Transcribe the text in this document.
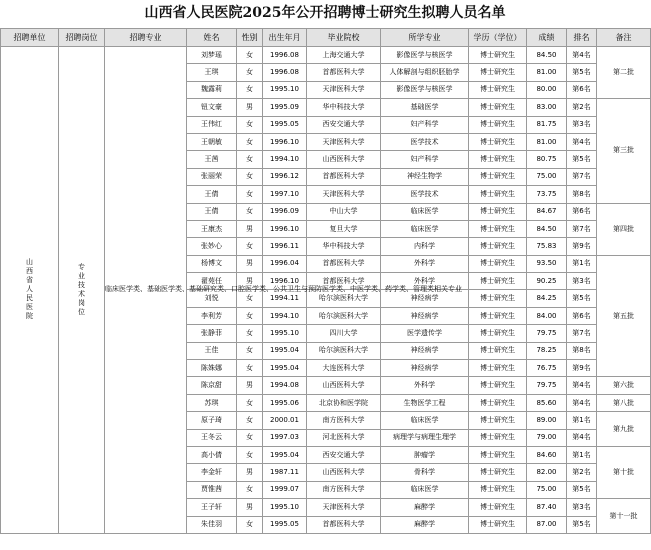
山西省人民医院2025年公开招聘博士研究生拟聘人员名单
招聘单位	招聘岗位	招聘专业	姓名	性别	出生年月	毕业院校	所学专业	学历（学位）	成绩	排名	备注
山西省人民医院	专业技术岗位	临床医学类、基础医学类、基础研究类、口腔医学类、公共卫生与预防医学类、中医学类、药学类、管理类相关专业	刘梦瑶	女	1996.08	上海交通大学	影像医学与核医学	博士研究生	84.50	第4名	第二批
			王琪	女	1996.08	首都医科大学	人体解剖与组织胚胎学	博士研究生	81.00	第5名	
			魏露莉	女	1995.10	天津医科大学	影像医学与核医学	博士研究生	80.00	第6名	
			钮文豪	男	1995.09	华中科技大学	基础医学	博士研究生	83.00	第2名	第三批
			王伟红	女	1995.05	西安交通大学	妇产科学	博士研究生	81.75	第3名	
			王朝敏	女	1996.10	天津医科大学	医学技术	博士研究生	81.00	第4名	
			王茜	女	1994.10	山西医科大学	妇产科学	博士研究生	80.75	第5名	
			张丽荣	女	1996.12	首都医科大学	神经生物学	博士研究生	75.00	第7名	
			王倩	女	1997.10	天津医科大学	医学技术	博士研究生	73.75	第8名	
			王倩	女	1996.09	中山大学	临床医学	博士研究生	84.67	第6名	第四批
			王康杰	男	1996.10	复旦大学	临床医学	博士研究生	84.50	第7名	
			张妙心	女	1996.11	华中科技大学	内科学	博士研究生	75.83	第9名	
			杨博文	男	1996.04	首都医科大学	外科学	博士研究生	93.50	第1名	第五批
			翟苑任	男	1996.10	首都医科大学	外科学	博士研究生	90.25	第3名	
			刘悦	女	1994.11	哈尔滨医科大学	神经病学	博士研究生	84.25	第5名	
			李利芳	女	1994.10	哈尔滨医科大学	神经病学	博士研究生	84.00	第6名	
			张静菲	女	1995.10	四川大学	医学遗传学	博士研究生	79.75	第7名	
			王佳	女	1995.04	哈尔滨医科大学	神经病学	博士研究生	78.25	第8名	
			陈姝娜	女	1995.04	大连医科大学	神经病学	博士研究生	76.75	第9名	
			陈京甜	男	1994.08	山西医科大学	外科学	博士研究生	79.75	第4名	第六批
			苏琪	女	1995.06	北京协和医学院	生物医学工程	博士研究生	85.60	第4名	第八批
			原子琦	女	2000.01	南方医科大学	临床医学	博士研究生	89.00	第1名	第九批
			王冬云	女	1997.03	河北医科大学	病理学与病理生理学	博士研究生	79.00	第4名	
			高小倩	女	1995.04	西安交通大学	肿瘤学	博士研究生	84.60	第1名	第十批
			李金轩	男	1987.11	山西医科大学	骨科学	博士研究生	82.00	第2名	
			贾惟茜	女	1999.07	南方医科大学	临床医学	博士研究生	75.00	第5名	
			王子轩	男	1995.10	天津医科大学	麻醉学	博士研究生	87.40	第3名	第十一批
			朱佳羽	女	1995.05	首都医科大学	麻醉学	博士研究生	87.00	第5名	
